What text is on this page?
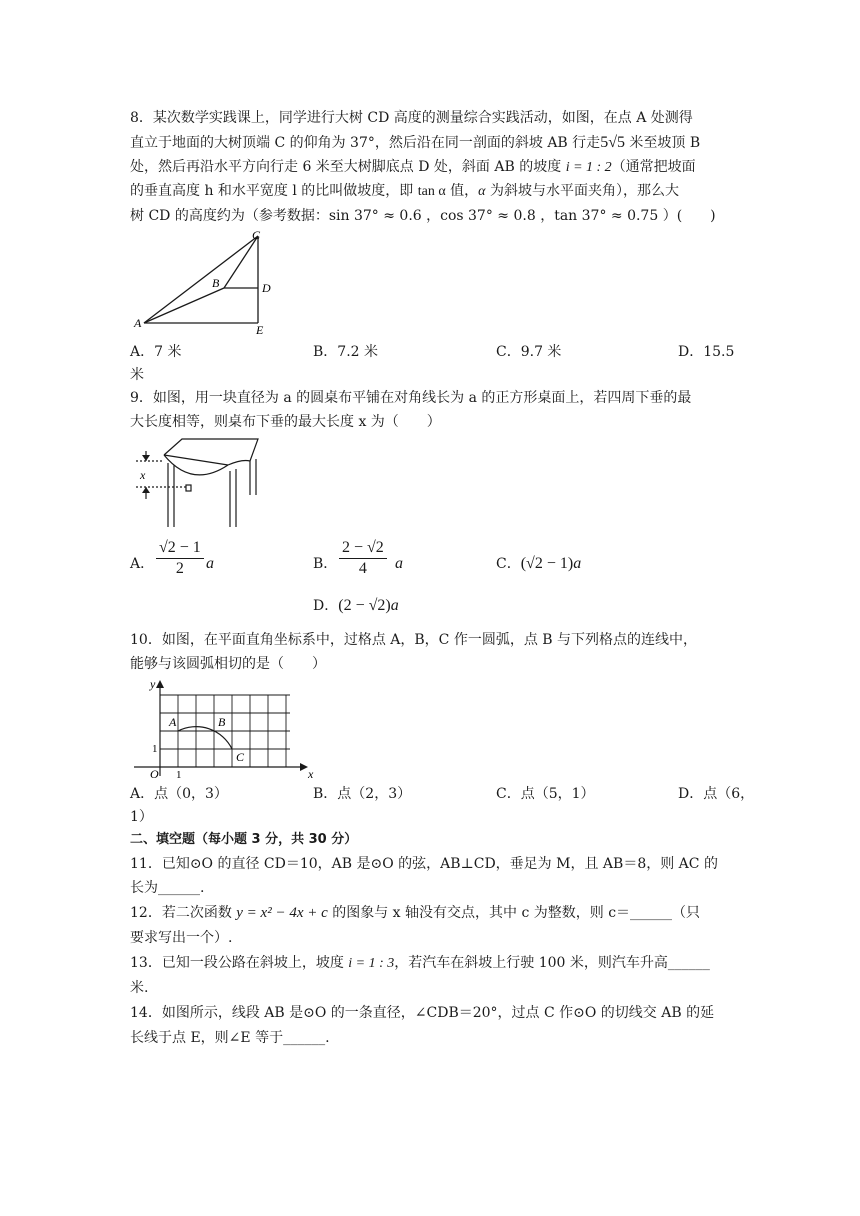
8．某次数学实践课上，同学进行大树 CD 高度的测量综合实践活动，如图，在点 A 处测得
直立于地面的大树顶端 C 的仰角为 37°，然后沿在同一剖面的斜坡 AB 行走5√5 米至坡顶 B
处，然后再沿水平方向行走 6 米至大树脚底点 D 处，斜面 AB 的坡度 i = 1 : 2（通常把坡面
的垂直高度 h 和水平宽度 l 的比叫做坡度，即 tan α 值，α 为斜坡与水平面夹角），那么大
树 CD 的高度约为（参考数据：sin 37° ≈ 0.6 ，cos 37° ≈ 0.8 ，tan 37° ≈ 0.75 ）(　　)
C
B	D
A	E
A．7 米	B．7.2 米	C．9.7 米	D．15.5
米
9．如图，用一块直径为 a 的圆桌布平铺在对角线长为 a 的正方形桌面上，若四周下垂的最
大长度相等，则桌布下垂的最大长度 x 为（　　）
x
A． $\frac{√2 - 1}{2}$ a	B． $\frac{2 - √2}{4}$ a	C．(√2 − 1)a
D．(2 − √2)a
10．如图，在平面直角坐标系中，过格点 A，B，C 作一圆弧，点 B 与下列格点的连线中，
能够与该圆弧相切的是（　　）
y
x
O 1
1
A	B
C
A．点（0，3）	B．点（2，3）	C．点（5，1）	D．点（6，
1）
二、填空题（每小题 3 分，共 30 分）
11．已知⊙O 的直径 CD＝10，AB 是⊙O 的弦，AB⊥CD，垂足为 M，且 AB＝8，则 AC 的
长为______.
12．若二次函数 y = x² − 4x + c 的图象与 x 轴没有交点，其中 c 为整数，则 c＝______（只
要求写出一个）.
13．已知一段公路在斜坡上，坡度 i = 1 : 3，若汽车在斜坡上行驶 100 米，则汽车升高______
米.
14．如图所示，线段 AB 是⊙O 的一条直径，∠CDB＝20°，过点 C 作⊙O 的切线交 AB 的延
长线于点 E，则∠E 等于______.
